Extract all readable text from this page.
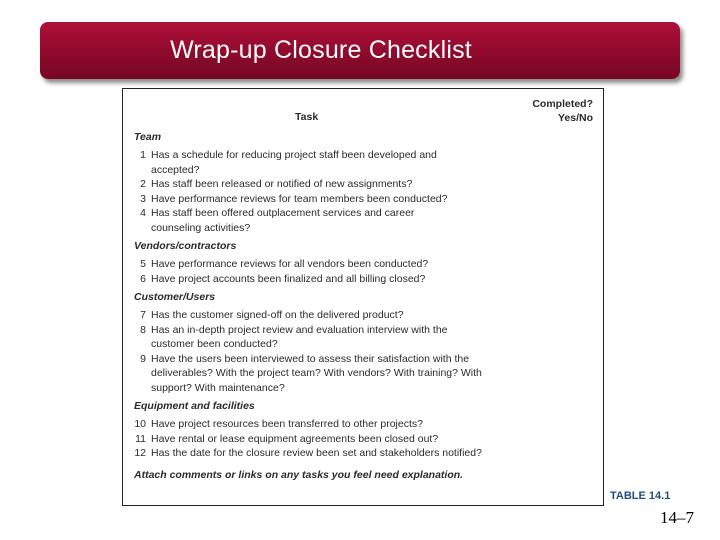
Wrap-up Closure Checklist
Task
Completed?
Yes/No
Team
1 Has a schedule for reducing project staff been developed and accepted?
2 Has staff been released or notified of new assignments?
3 Have performance reviews for team members been conducted?
4 Has staff been offered outplacement services and career counseling activities?
Vendors/contractors
5 Have performance reviews for all vendors been conducted?
6 Have project accounts been finalized and all billing closed?
Customer/Users
7 Has the customer signed-off on the delivered product?
8 Has an in-depth project review and evaluation interview with the customer been conducted?
9 Have the users been interviewed to assess their satisfaction with the deliverables? With the project team? With vendors? With training? With support? With maintenance?
Equipment and facilities
10 Have project resources been transferred to other projects?
11 Have rental or lease equipment agreements been closed out?
12 Has the date for the closure review been set and stakeholders notified?
Attach comments or links on any tasks you feel need explanation.
TABLE 14.1
14–7
